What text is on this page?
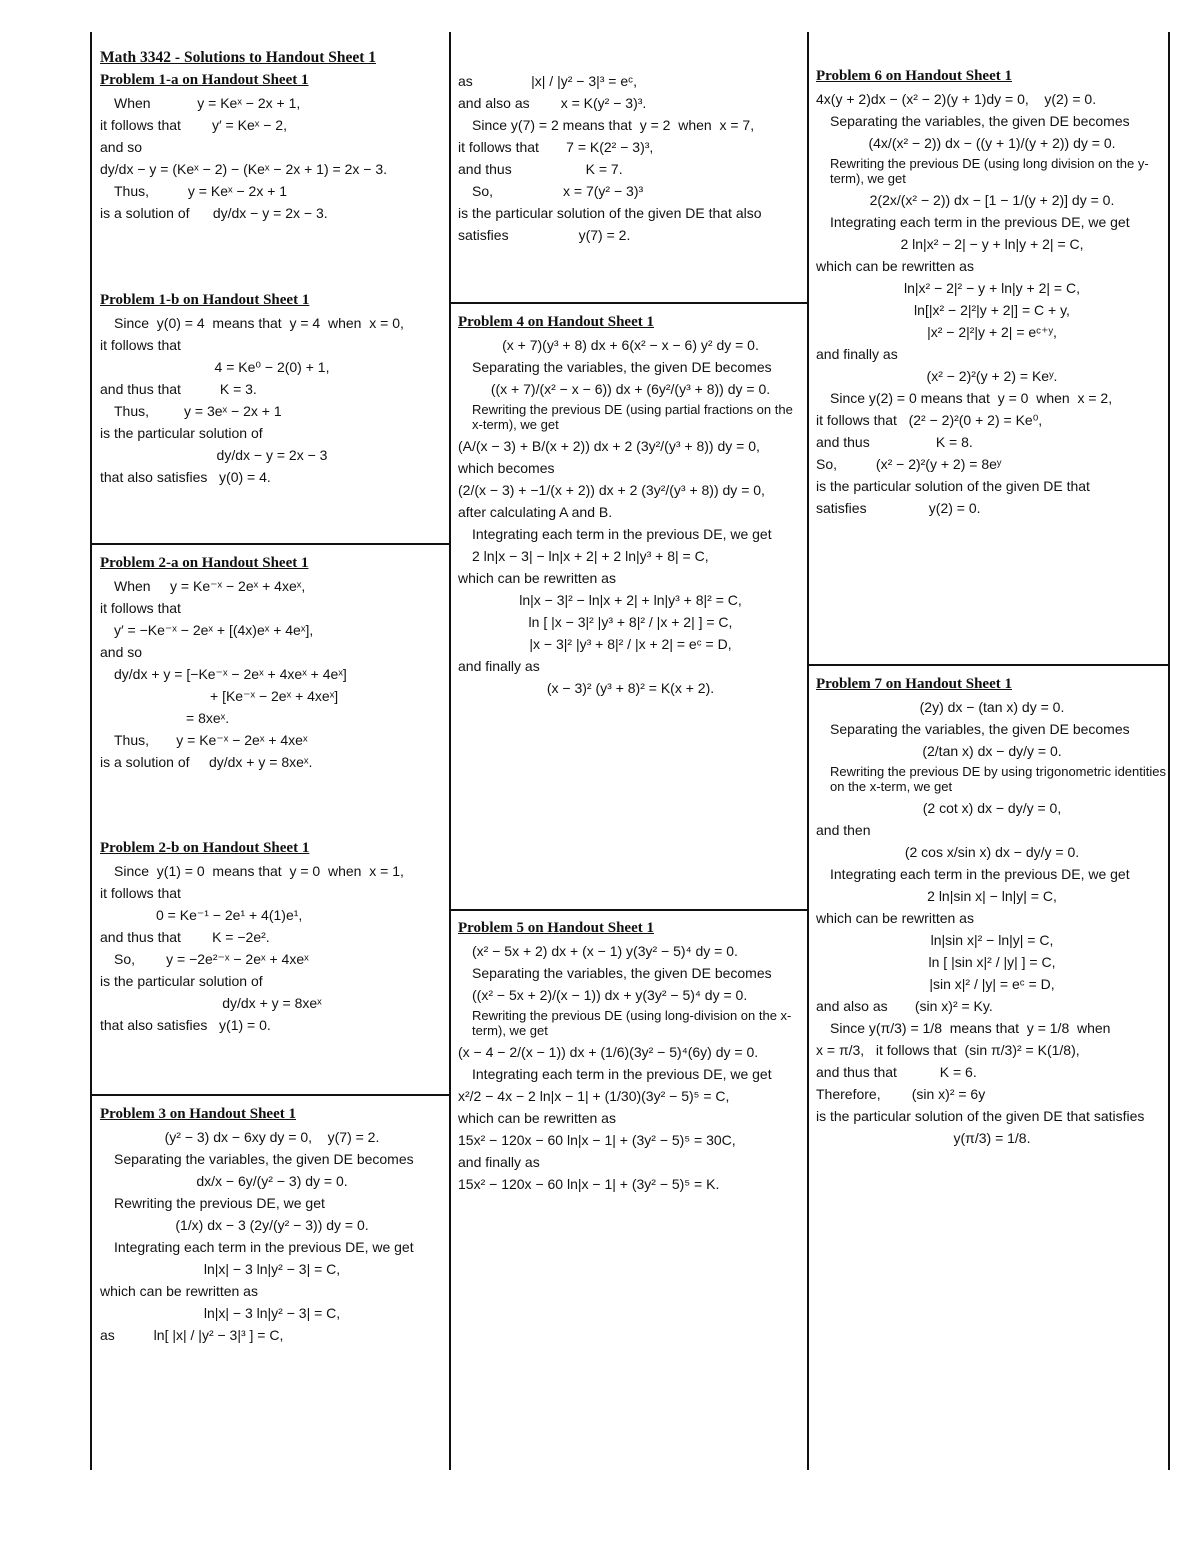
Math 3342 - Solutions to Handout Sheet 1
Problem 1-a on Handout Sheet 1
When            y = Keˣ − 2x + 1,
it follows that        y′ = Keˣ − 2,
and so
dy/dx − y = (Keˣ − 2) − (Keˣ − 2x + 1) = 2x − 3.
Thus,          y = Keˣ − 2x + 1
is a solution of      dy/dx − y = 2x − 3.
Problem 1-b on Handout Sheet 1
Since  y(0) = 4  means that  y = 4  when  x = 0,
it follows that
4 = Ke⁰ − 2(0) + 1,
and thus that          K = 3.
Thus,         y = 3eˣ − 2x + 1
is the particular solution of
dy/dx − y = 2x − 3
that also satisfies   y(0) = 4.
Problem 2-a on Handout Sheet 1
When     y = Ke⁻ˣ − 2eˣ + 4xeˣ,
it follows that
y′ = −Ke⁻ˣ − 2eˣ + [(4x)eˣ + 4eˣ],
and so
dy/dx + y = [−Ke⁻ˣ − 2eˣ + 4xeˣ + 4eˣ]
+ [Ke⁻ˣ − 2eˣ + 4xeˣ]
= 8xeˣ.
Thus,       y = Ke⁻ˣ − 2eˣ + 4xeˣ
is a solution of     dy/dx + y = 8xeˣ.
Problem 2-b on Handout Sheet 1
Since  y(1) = 0  means that  y = 0  when  x = 1,
it follows that
0 = Ke⁻¹ − 2e¹ + 4(1)e¹,
and thus that        K = −2e².
So,        y = −2e²⁻ˣ − 2eˣ + 4xeˣ
is the particular solution of
dy/dx + y = 8xeˣ
that also satisfies   y(1) = 0.
Problem 3 on Handout Sheet 1
(y² − 3) dx − 6xy dy = 0,    y(7) = 2.
Separating the variables, the given DE becomes
dx/x − 6y/(y² − 3) dy = 0.
Rewriting the previous DE, we get
(1/x) dx − 3 (2y/(y² − 3)) dy = 0.
Integrating each term in the previous DE, we get
ln|x| − 3 ln|y² − 3| = C,
which can be rewritten as
ln|x| − 3 ln|y² − 3| = C,
as          ln[ |x| / |y² − 3|³ ] = C,
as               |x| / |y² − 3|³ = eᶜ,
and also as        x = K(y² − 3)³.
Since y(7) = 2 means that  y = 2  when  x = 7,
it follows that       7 = K(2² − 3)³,
and thus                   K = 7.
So,                  x = 7(y² − 3)³
is the particular solution of the given DE that also
satisfies                  y(7) = 2.
Problem 4 on Handout Sheet 1
(x + 7)(y³ + 8) dx + 6(x² − x − 6) y² dy = 0.
Separating the variables, the given DE becomes
((x + 7)/(x² − x − 6)) dx + (6y²/(y³ + 8)) dy = 0.
Rewriting the previous DE (using partial fractions on the x-term), we get
(A/(x − 3) + B/(x + 2)) dx + 2 (3y²/(y³ + 8)) dy = 0,
which becomes
(2/(x − 3) + −1/(x + 2)) dx + 2 (3y²/(y³ + 8)) dy = 0,
after calculating A and B.
Integrating each term in the previous DE, we get
2 ln|x − 3| − ln|x + 2| + 2 ln|y³ + 8| = C,
which can be rewritten as
ln|x − 3|² − ln|x + 2| + ln|y³ + 8|² = C,
ln [ |x − 3|² |y³ + 8|² / |x + 2| ] = C,
|x − 3|² |y³ + 8|² / |x + 2| = eᶜ = D,
and finally as
(x − 3)² (y³ + 8)² = K(x + 2).
Problem 5 on Handout Sheet 1
(x² − 5x + 2) dx + (x − 1) y(3y² − 5)⁴ dy = 0.
Separating the variables, the given DE becomes
((x² − 5x + 2)/(x − 1)) dx + y(3y² − 5)⁴ dy = 0.
Rewriting the previous DE (using long-division on the x-term), we get
(x − 4 − 2/(x − 1)) dx + (1/6)(3y² − 5)⁴(6y) dy = 0.
Integrating each term in the previous DE, we get
x²/2 − 4x − 2 ln|x − 1| + (1/30)(3y² − 5)⁵ = C,
which can be rewritten as
15x² − 120x − 60 ln|x − 1| + (3y² − 5)⁵ = 30C,
and finally as
15x² − 120x − 60 ln|x − 1| + (3y² − 5)⁵ = K.
Problem 6 on Handout Sheet 1
4x(y + 2)dx − (x² − 2)(y + 1)dy = 0,    y(2) = 0.
Separating the variables, the given DE becomes
(4x/(x² − 2)) dx − ((y + 1)/(y + 2)) dy = 0.
Rewriting the previous DE (using long division on the y-term), we get
2(2x/(x² − 2)) dx − [1 − 1/(y + 2)] dy = 0.
Integrating each term in the previous DE, we get
2 ln|x² − 2| − y + ln|y + 2| = C,
which can be rewritten as
ln|x² − 2|² − y + ln|y + 2| = C,
ln[|x² − 2|²|y + 2|] = C + y,
|x² − 2|²|y + 2| = eᶜ⁺ʸ,
and finally as
(x² − 2)²(y + 2) = Keʸ.
Since y(2) = 0 means that  y = 0  when  x = 2,
it follows that   (2² − 2)²(0 + 2) = Ke⁰,
and thus                 K = 8.
So,          (x² − 2)²(y + 2) = 8eʸ
is the particular solution of the given DE that
satisfies                y(2) = 0.
Problem 7 on Handout Sheet 1
(2y) dx − (tan x) dy = 0.
Separating the variables, the given DE becomes
(2/tan x) dx − dy/y = 0.
Rewriting the previous DE by using trigonometric identities on the x-term, we get
(2 cot x) dx − dy/y = 0,
and then
(2 cos x/sin x) dx − dy/y = 0.
Integrating each term in the previous DE, we get
2 ln|sin x| − ln|y| = C,
which can be rewritten as
ln|sin x|² − ln|y| = C,
ln [ |sin x|² / |y| ] = C,
|sin x|² / |y| = eᶜ = D,
and also as       (sin x)² = Ky.
Since y(π/3) = 1/8  means that  y = 1/8  when
x = π/3,   it follows that  (sin π/3)² = K(1/8),
and thus that           K = 6.
Therefore,        (sin x)² = 6y
is the particular solution of the given DE that satisfies
y(π/3) = 1/8.
